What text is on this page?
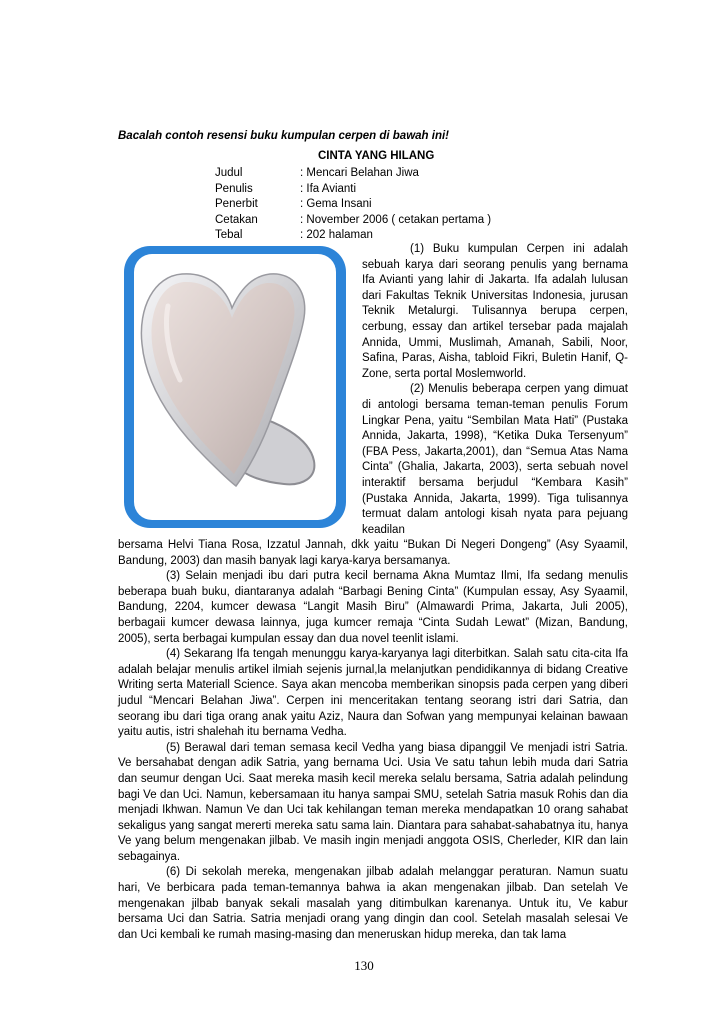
Bacalah contoh resensi buku kumpulan cerpen di bawah ini!
CINTA YANG HILANG
Judul	: Mencari Belahan Jiwa
Penulis	: Ifa Avianti
Penerbit	: Gema Insani
Cetakan	: November 2006 ( cetakan pertama )
Tebal	: 202 halaman
(1) Buku kumpulan Cerpen ini adalah sebuah karya dari seorang penulis yang bernama Ifa Avianti yang lahir di Jakarta. Ifa adalah lulusan dari Fakultas Teknik Universitas Indonesia, jurusan Teknik Metalurgi. Tulisannya berupa cerpen, cerbung, essay dan artikel tersebar pada majalah Annida, Ummi, Muslimah, Amanah, Sabili, Noor, Safina, Paras, Aisha, tabloid Fikri, Buletin Hanif, Q-Zone, serta portal Moslemworld.
(2) Menulis beberapa cerpen yang dimuat di antologi bersama teman-teman penulis Forum Lingkar Pena, yaitu “Sembilan Mata Hati” (Pustaka Annida, Jakarta, 1998), “Ketika Duka Tersenyum” (FBA Pess, Jakarta,2001), dan “Semua Atas Nama Cinta” (Ghalia, Jakarta, 2003), serta sebuah novel interaktif bersama berjudul “Kembara Kasih” (Pustaka Annida, Jakarta, 1999). Tiga tulisannya termuat dalam antologi kisah nyata para pejuang keadilan
bersama Helvi Tiana Rosa, Izzatul Jannah, dkk yaitu “Bukan Di Negeri Dongeng” (Asy Syaamil, Bandung, 2003) dan masih banyak lagi karya-karya bersamanya.
(3) Selain menjadi ibu dari putra kecil bernama Akna Mumtaz Ilmi, Ifa sedang menulis beberapa buah buku, diantaranya adalah “Barbagi Bening Cinta” (Kumpulan essay, Asy Syaamil, Bandung, 2204, kumcer dewasa “Langit Masih Biru” (Almawardi Prima, Jakarta, Juli 2005), berbagaii kumcer dewasa lainnya, juga kumcer remaja “Cinta Sudah Lewat” (Mizan, Bandung, 2005), serta berbagai kumpulan essay dan dua novel teenlit islami.
(4) Sekarang Ifa tengah menunggu karya-karyanya lagi diterbitkan. Salah satu cita-cita Ifa adalah belajar menulis artikel ilmiah sejenis jurnal,la melanjutkan pendidikannya di bidang Creative Writing serta Materiall Science. Saya akan mencoba memberikan sinopsis pada cerpen yang diberi judul “Mencari Belahan Jiwa”. Cerpen ini menceritakan tentang seorang istri dari Satria, dan seorang ibu dari tiga orang anak yaitu Aziz, Naura dan Sofwan yang mempunyai kelainan bawaan yaitu autis, istri shalehah itu bernama Vedha.
(5) Berawal dari teman semasa kecil Vedha yang biasa dipanggil Ve menjadi istri Satria. Ve bersahabat dengan adik Satria, yang bernama Uci. Usia Ve satu tahun lebih muda dari Satria dan seumur dengan Uci. Saat mereka masih kecil mereka selalu bersama, Satria adalah pelindung bagi Ve dan Uci. Namun, kebersamaan itu hanya sampai SMU, setelah Satria masuk Rohis dan dia menjadi Ikhwan. Namun Ve dan Uci tak kehilangan teman mereka mendapatkan 10 orang sahabat sekaligus yang sangat mererti mereka satu sama lain. Diantara para sahabat-sahabatnya itu, hanya Ve yang belum mengenakan jilbab. Ve masih ingin menjadi anggota OSIS, Cherleder, KIR dan lain sebagainya.
(6) Di sekolah mereka, mengenakan jilbab adalah melanggar peraturan. Namun suatu hari, Ve berbicara pada teman-temannya bahwa ia akan mengenakan jilbab. Dan setelah Ve mengenakan jilbab banyak sekali masalah yang ditimbulkan karenanya. Untuk itu, Ve kabur bersama Uci dan Satria. Satria menjadi orang yang dingin dan cool. Setelah masalah selesai Ve dan Uci kembali ke rumah masing-masing dan meneruskan hidup mereka, dan tak lama
130
